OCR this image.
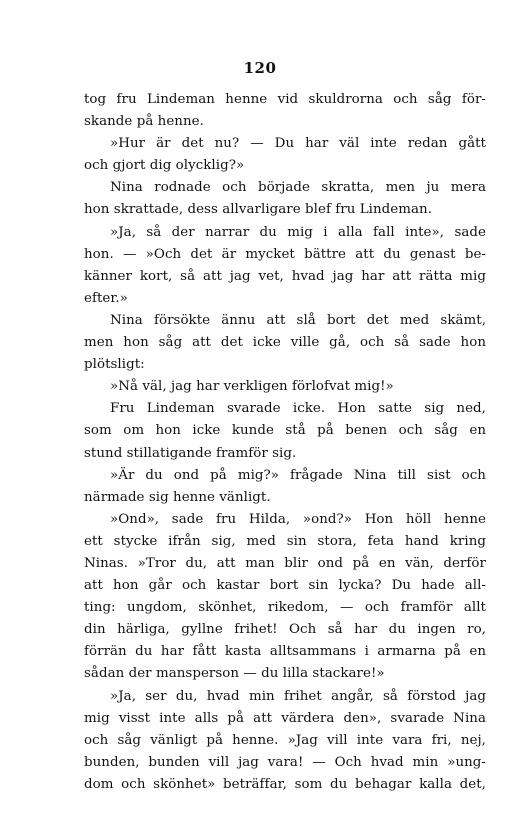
120
tog fru Lindeman henne vid skuldrorna och såg för-
skande på henne.
»Hur är det nu? — Du har väl inte redan gått
och gjort dig olycklig?»
Nina rodnade och började skratta, men ju mera
hon skrattade, dess allvarligare blef fru Lindeman.
»Ja, så der narrar du mig i alla fall inte», sade
hon. — »Och det är mycket bättre att du genast be-
känner kort, så att jag vet, hvad jag har att rätta mig
efter.»
Nina försökte ännu att slå bort det med skämt,
men hon såg att det icke ville gå, och så sade hon
plötsligt:
»Nå väl, jag har verkligen förlofvat mig!»
Fru Lindeman svarade icke. Hon satte sig ned,
som om hon icke kunde stå på benen och såg en
stund stillatigande framför sig.
»Är du ond på mig?» frågade Nina till sist och
närmade sig henne vänligt.
»Ond», sade fru Hilda, »ond?» Hon höll henne
ett stycke ifrån sig, med sin stora, feta hand kring
Ninas. »Tror du, att man blir ond på en vän, derför
att hon går och kastar bort sin lycka? Du hade all-
ting: ungdom, skönhet, rikedom, — och framför allt
din härliga, gyllne frihet! Och så har du ingen ro,
förrän du har fått kasta alltsammans i armarna på en
sådan der mansperson — du lilla stackare!»
»Ja, ser du, hvad min frihet angår, så förstod jag
mig visst inte alls på att värdera den», svarade Nina
och såg vänligt på henne. »Jag vill inte vara fri, nej,
bunden, bunden vill jag vara! — Och hvad min »ung-
dom och skönhet» beträffar, som du behagar kalla det,
